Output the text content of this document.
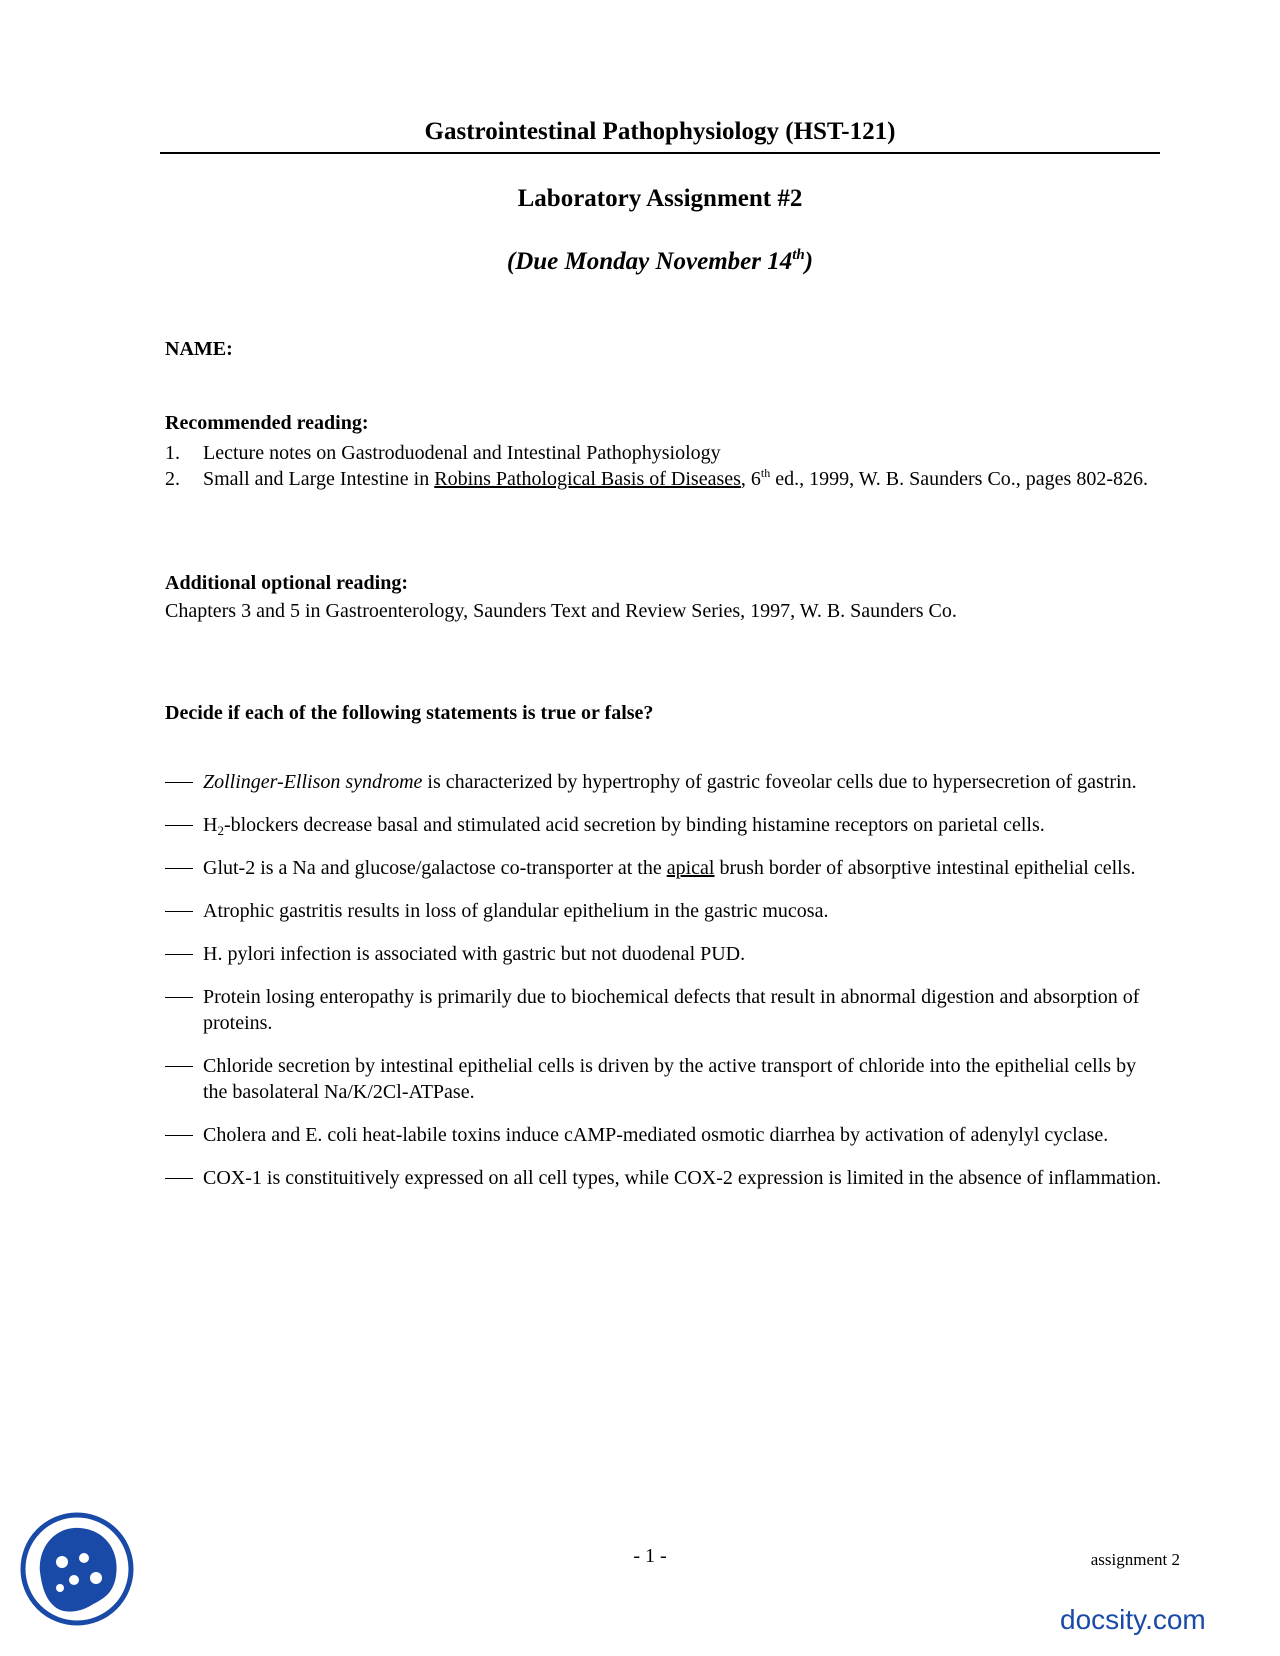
Gastrointestinal Pathophysiology (HST-121)
Laboratory Assignment #2
(Due Monday November 14th)
NAME:
Recommended reading:
1. Lecture notes on Gastroduodenal and Intestinal Pathophysiology
2. Small and Large Intestine in Robins Pathological Basis of Diseases, 6th ed., 1999, W. B. Saunders Co., pages 802-826.
Additional optional reading:
Chapters 3 and 5 in Gastroenterology, Saunders Text and Review Series, 1997, W. B. Saunders Co.
Decide if each of the following statements is true or false?
Zollinger-Ellison syndrome is characterized by hypertrophy of gastric foveolar cells due to hypersecretion of gastrin.
$H_2$-blockers decrease basal and stimulated acid secretion by binding histamine receptors on parietal cells.
Glut-2 is a Na and glucose/galactose co-transporter at the apical brush border of absorptive intestinal epithelial cells.
Atrophic gastritis results in loss of glandular epithelium in the gastric mucosa.
H. pylori infection is associated with gastric but not duodenal PUD.
Protein losing enteropathy is primarily due to biochemical defects that result in abnormal digestion and absorption of proteins.
Chloride secretion by intestinal epithelial cells is driven by the active transport of chloride into the epithelial cells by the basolateral Na/K/2Cl-ATPase.
Cholera and E. coli heat-labile toxins induce cAMP-mediated osmotic diarrhea by activation of adenylyl cyclase.
COX-1 is constituitively expressed on all cell types, while COX-2 expression is limited in the absence of inflammation.
- 1 -	assignment 2
docsity.com
